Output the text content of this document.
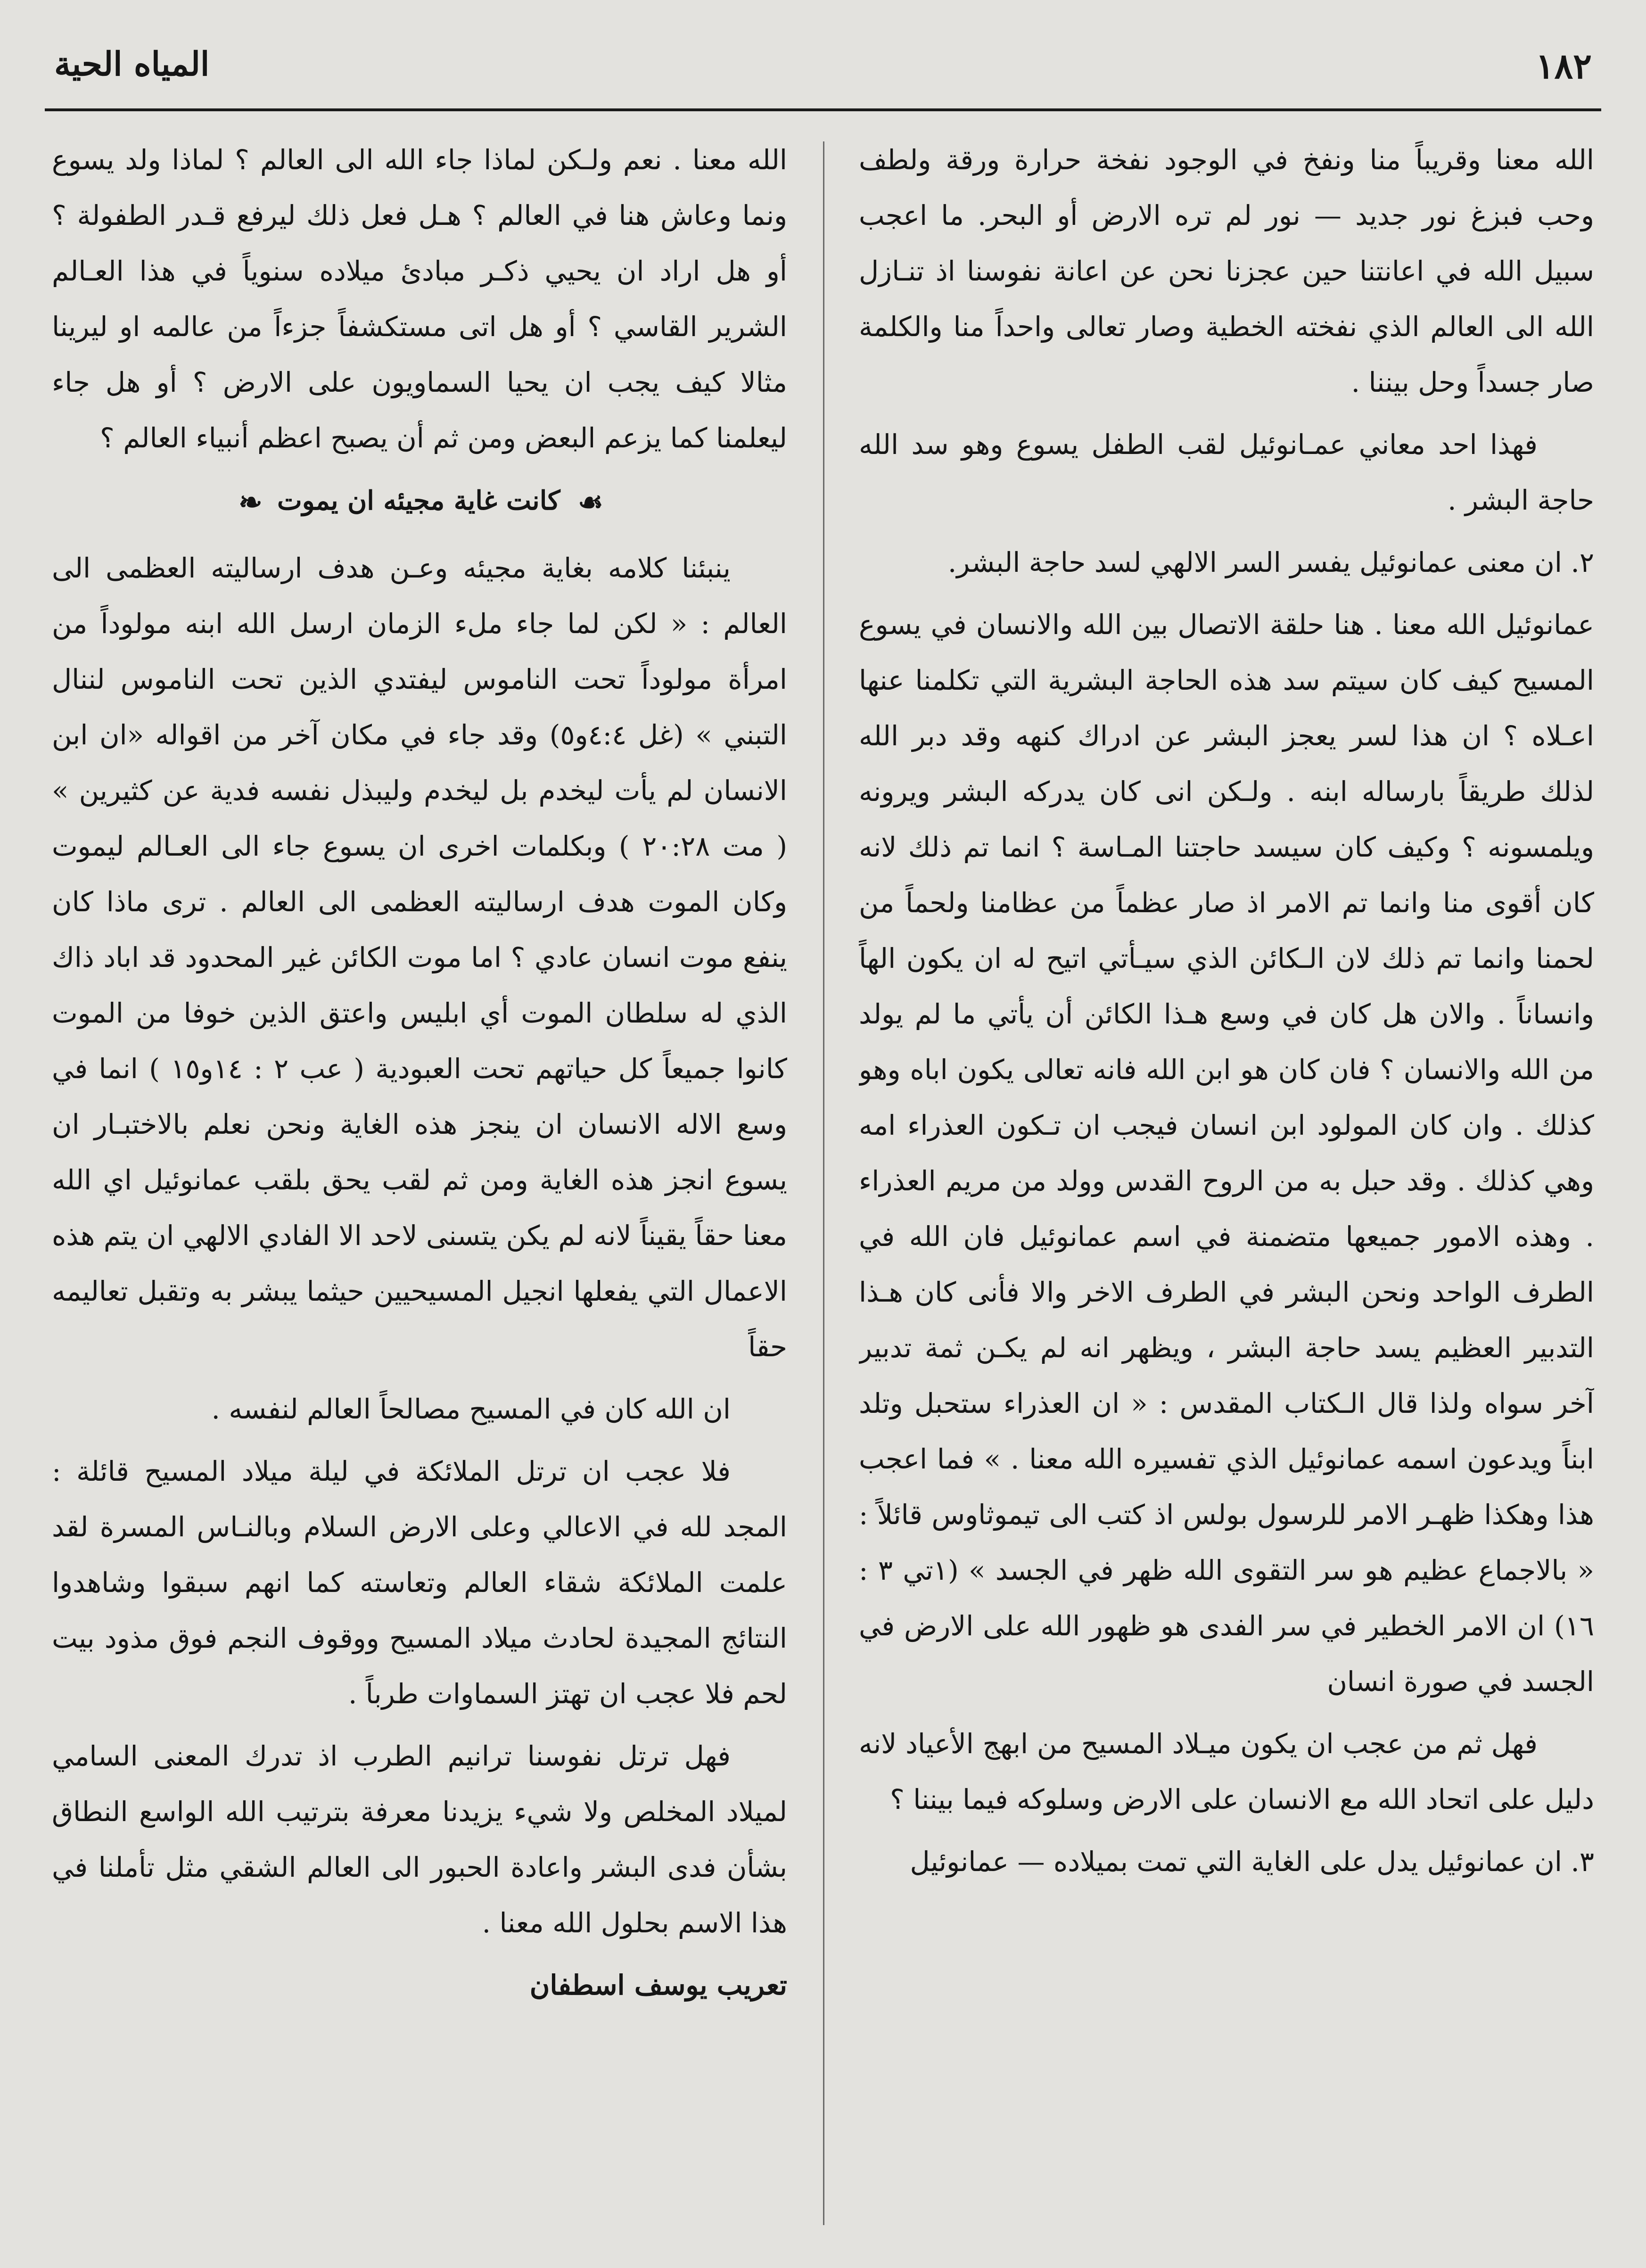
١٨٢
المياه الحية

الله معنا وقريباً منا ونفخ في الوجود نفخة حرارة ورقة ولطف وحب فبزغ نور جديد — نور لم تره الارض أو البحر. ما اعجب سبيل الله في اعانتنا حين عجزنا نحن عن اعانة نفوسنا اذ تنـازل الله الى العالم الذي نفخته الخطية وصار تعالى واحداً منا والكلمة صار جسداً وحل بيننا .

فهذا احد معاني عمـانوئيل لقب الطفل يسوع وهو سد الله حاجة البشر .

٢. ان معنى عمانوئيل يفسر السر الالهي لسد حاجة البشر.

عمانوئيل الله معنا . هنا حلقة الاتصال بين الله والانسان في يسوع المسيح كيف كان سيتم سد هذه الحاجة البشرية التي تكلمنا عنها اعـلاه ؟ ان هذا لسر يعجز البشر عن ادراك كنهه وقد دبر الله لذلك طريقاً بارساله ابنه . ولـكن انى كان يدركه البشر ويرونه ويلمسونه ؟ وكيف كان سيسد حاجتنا المـاسة ؟ انما تم ذلك لانه كان أقوى منا وانما تم الامر اذ صار عظماً من عظامنا ولحماً من لحمنا وانما تم ذلك لان الـكائن الذي سيـأتي اتيح له ان يكون الهاً وانساناً . والان هل كان في وسع هـذا الكائن أن يأتي ما لم يولد من الله والانسان ؟ فان كان هو ابن الله فانه تعالى يكون اباه وهو كذلك . وان كان المولود ابن انسان فيجب ان تـكون العذراء امه وهي كذلك . وقد حبل به من الروح القدس وولد من مريم العذراء . وهذه الامور جميعها متضمنة في اسم عمانوئيل فان الله في الطرف الواحد ونحن البشر في الطرف الاخر والا فأنى كان هـذا التدبير العظيم يسد حاجة البشر ، ويظهر انه لم يكـن ثمة تدبير آخر سواه ولذا قال الـكتاب المقدس : « ان العذراء ستحبل وتلد ابناً ويدعون اسمه عمانوئيل الذي تفسيره الله معنا . » فما اعجب هذا وهكذا ظهـر الامر للرسول بولس اذ كتب الى تيموثاوس قائلاً : « بالاجماع عظيم هو سر التقوى الله ظهر في الجسد » (١تي ٣ : ١٦) ان الامر الخطير في سر الفدى هو ظهور الله على الارض في الجسد في صورة انسان

فهل ثم من عجب ان يكون ميـلاد المسيح من ابهج الأعياد لانه دليل على اتحاد الله مع الانسان على الارض وسلوكه فيما بيننا ؟

٣. ان عمانوئيل يدل على الغاية التي تمت بميلاده — عمانوئيل

الله معنا . نعم ولـكن لماذا جاء الله الى العالم ؟ لماذا ولد يسوع ونما وعاش هنا في العالم ؟ هـل فعل ذلك ليرفع قـدر الطفولة ؟ أو هل اراد ان يحيي ذكـر مبادئ ميلاده سنوياً في هذا العـالم الشرير القاسي ؟ أو هل اتى مستكشفاً جزءاً من عالمه او ليرينا مثالا كيف يجب ان يحيا السماويون على الارض ؟ أو هل جاء ليعلمنا كما يزعم البعض ومن ثم أن يصبح اعظم أنبياء العالم ؟

☙ كانت غاية مجيئه ان يموت ❧

ينبئنا كلامه بغاية مجيئه وعـن هدف ارساليته العظمى الى العالم : « لكن لما جاء ملء الزمان ارسل الله ابنه مولوداً من امرأة مولوداً تحت الناموس ليفتدي الذين تحت الناموس لننال التبني » (غل ٤:٤و٥) وقد جاء في مكان آخر من اقواله «ان ابن الانسان لم يأت ليخدم بل ليخدم وليبذل نفسه فدية عن كثيرين » ( مت ٢٠:٢٨ ) وبكلمات اخرى ان يسوع جاء الى العـالم ليموت وكان الموت هدف ارساليته العظمى الى العالم . ترى ماذا كان ينفع موت انسان عادي ؟ اما موت الكائن غير المحدود قد اباد ذاك الذي له سلطان الموت أي ابليس واعتق الذين خوفا من الموت كانوا جميعاً كل حياتهم تحت العبودية ( عب ٢ : ١٤و١٥ ) انما في وسع الاله الانسان ان ينجز هذه الغاية ونحن نعلم بالاختبـار ان يسوع انجز هذه الغاية ومن ثم لقب يحق بلقب عمانوئيل اي الله معنا حقاً يقيناً لانه لم يكن يتسنى لاحد الا الفادي الالهي ان يتم هذه الاعمال التي يفعلها انجيل المسيحيين حيثما يبشر به وتقبل تعاليمه حقاً

ان الله كان في المسيح مصالحاً العالم لنفسه .

فلا عجب ان ترتل الملائكة في ليلة ميلاد المسيح قائلة : المجد لله في الاعالي وعلى الارض السلام وبالنـاس المسرة لقد علمت الملائكة شقاء العالم وتعاسته كما انهم سبقوا وشاهدوا النتائج المجيدة لحادث ميلاد المسيح ووقوف النجم فوق مذود بيت لحم فلا عجب ان تهتز السماوات طرباً .

فهل ترتل نفوسنا ترانيم الطرب اذ تدرك المعنى السامي لميلاد المخلص ولا شيء يزيدنا معرفة بترتيب الله الواسع النطاق بشأن فدى البشر واعادة الحبور الى العالم الشقي مثل تأملنا في هذا الاسم بحلول الله معنا .

تعريب يوسف اسطفان
